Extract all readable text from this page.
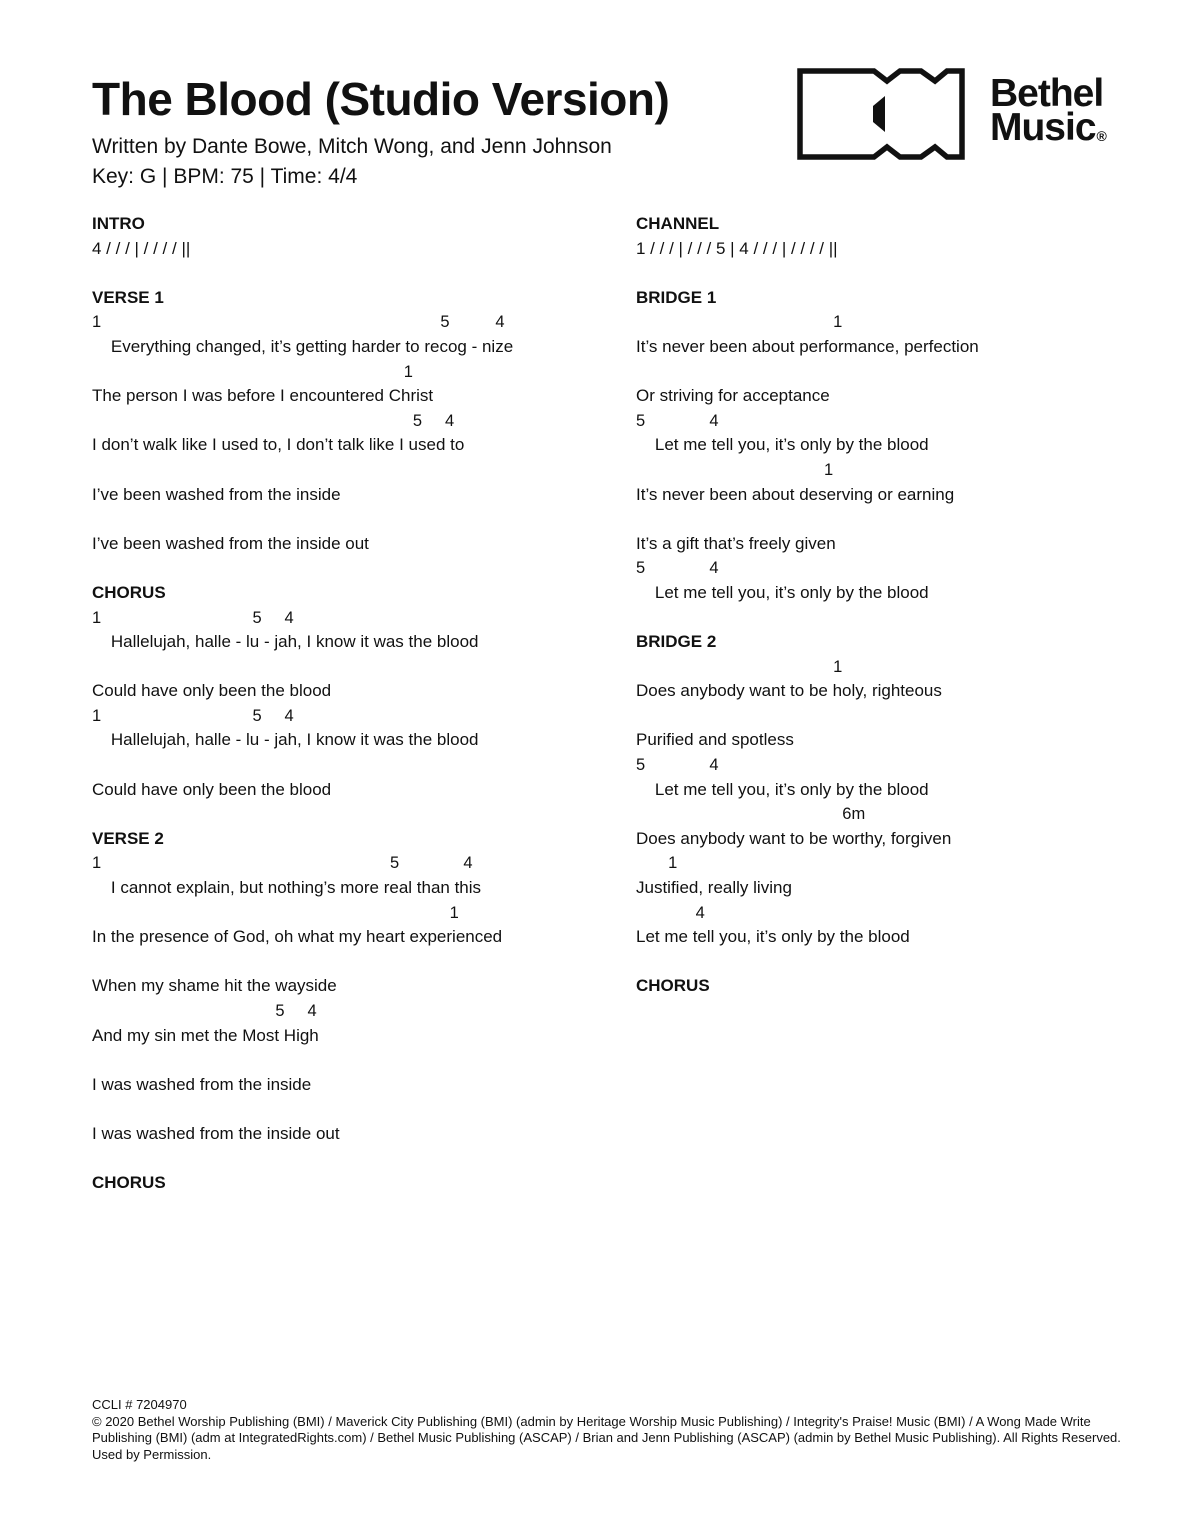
The Blood (Studio Version)
Written by Dante Bowe, Mitch Wong, and Jenn Johnson
Key: G | BPM: 75 | Time: 4/4
Bethel
Music®
INTRO
4 / / / | / / / / ||
VERSE 1
1                                                                          5          4
Everything changed, it’s getting harder to recog - nize
1
The person I was before I encountered Christ
5     4
I don’t walk like I used to, I don’t talk like I used to
I’ve been washed from the inside
I’ve been washed from the inside out
CHORUS
1                                 5     4
Hallelujah, halle - lu - jah, I know it was the blood
Could have only been the blood
1                                 5     4
Hallelujah, halle - lu - jah, I know it was the blood
Could have only been the blood
VERSE 2
1                                                               5              4
I cannot explain, but nothing’s more real than this
1
In the presence of God, oh what my heart experienced
When my shame hit the wayside
5     4
And my sin met the Most High
I was washed from the inside
I was washed from the inside out
CHORUS
CHANNEL
1 / / / | / / / 5 | 4 / / / | / / / / ||
BRIDGE 1
1
It’s never been about performance, perfection
Or striving for acceptance
5              4
Let me tell you, it’s only by the blood
1
It’s never been about deserving or earning
It’s a gift that’s freely given
5              4
Let me tell you, it’s only by the blood
BRIDGE 2
1
Does anybody want to be holy, righteous
Purified and spotless
5              4
Let me tell you, it’s only by the blood
6m
Does anybody want to be worthy, forgiven
1
Justified, really living
4
Let me tell you, it’s only by the blood
CHORUS
CCLI # 7204970
© 2020 Bethel Worship Publishing (BMI) / Maverick City Publishing (BMI) (admin by Heritage Worship Music Publishing) / Integrity's Praise! Music (BMI) / A Wong Made Write Publishing (BMI) (adm at IntegratedRights.com) / Bethel Music Publishing (ASCAP) / Brian and Jenn Publishing (ASCAP) (admin by Bethel Music Publishing). All Rights Reserved. Used by Permission.
